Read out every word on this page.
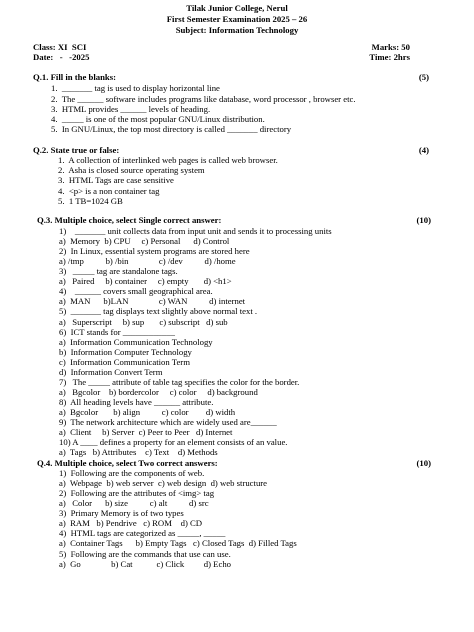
Tilak Junior College, Nerul
First Semester Examination 2025 – 26
Subject: Information Technology
Class: XI  SCI	Marks: 50
Date:   -   -2025	Time: 2hrs
Q.1. Fill in the blanks:	(5)
1.  _______ tag is used to display horizontal line
2.  The ______ software includes programs like database, word processor , browser etc.
3.  HTML provides ______ levels of heading.
4.  _____ is one of the most popular GNU/Linux distribution.
5.  In GNU/Linux, the top most directory is called _______ directory
Q.2. State true or false:	(4)
1.  A collection of interlinked web pages is called web browser.
2.  Asha is closed source operating system
3.  HTML Tags are case sensitive
4.  <p> is a non container tag
5.  1 TB=1024 GB
Q.3. Multiple choice, select Single correct answer:	(10)
1)    _______ unit collects data from input unit and sends it to processing units
a)  Memory  b) CPU     c) Personal      d) Control
2)  In Linux, essential system programs are stored here
a) /tmp          b) /bin              c) /dev          d) /home
3)   _____ tag are standalone tags.
a)   Paired     b) container     c) empty       d) <h1>
4)    ______ covers small geographical area.
a)  MAN      b)LAN              c) WAN          d) internet
5)  _______ tag displays text slightly above normal text .
a)   Superscript     b) sup       c) subscript   d) sub
6)  ICT stands for ____________
a)  Information Communication Technology
b)  Information Computer Technology
c)  Information Communication Term
d)  Information Convert Term
7)   The _____ attribute of table tag specifies the color for the border.
a)   Bgcolor    b) bordercolor     c) color     d) background
8)  All heading levels have ______ attribute.
a)  Bgcolor       b) align          c) color        d) width
9)  The network architecture which are widely used are______
a)  Client     b) Server  c) Peer to Peer   d) Internet
10) A ____ defines a property for an element consists of an value.
a)  Tags   b) Attributes    c) Text    d) Methods
Q.4. Multiple choice, select Two correct answers:	(10)
1)  Following are the components of web.
a)  Webpage  b) web server  c) web design  d) web structure
2)  Following are the attributes of <img> tag
a)   Color      b) size          c) alt          d) src
3)  Primary Memory is of two types
a)  RAM   b) Pendrive   c) ROM    d) CD
4)  HTML tags are categorized as _____, _____
a)  Container Tags      b) Empty Tags   c) Closed Tags  d) Filled Tags
5)  Following are the commands that use can use.
a)  Go              b) Cat           c) Click         d) Echo
